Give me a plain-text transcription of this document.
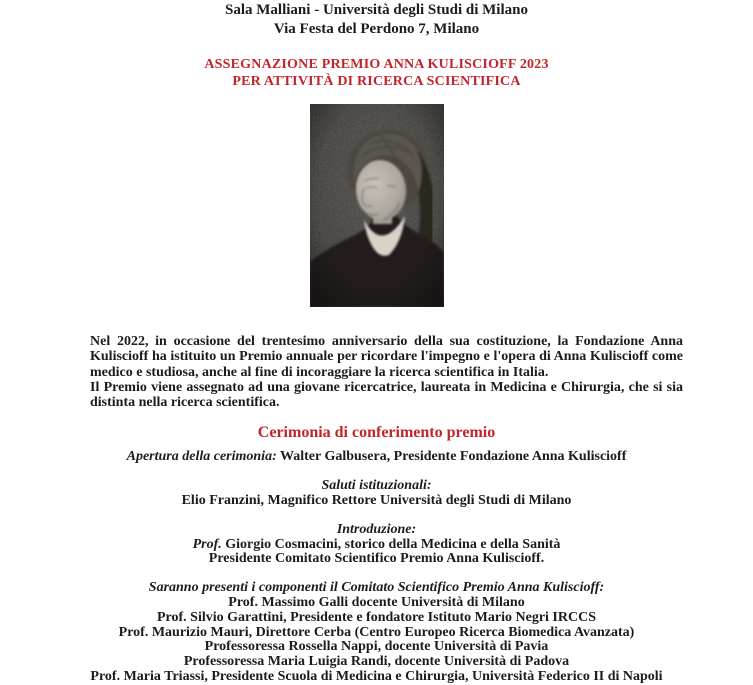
Sala Malliani - Università degli Studi di Milano
Via Festa del Perdono 7, Milano
ASSEGNAZIONE PREMIO ANNA KULISCIOFF 2023
PER ATTIVITÀ DI RICERCA SCIENTIFICA
Nel 2022, in occasione del trentesimo anniversario della sua costituzione, la Fondazione Anna Kuliscioff ha istituito un Premio annuale per ricordare l'impegno e l'opera di Anna Kuliscioff come medico e studiosa, anche al fine di incoraggiare la ricerca scientifica in Italia.
Il Premio viene assegnato ad una giovane ricercatrice, laureata in Medicina e Chirurgia, che si sia distinta nella ricerca scientifica.
Cerimonia di conferimento premio
Apertura della cerimonia: Walter Galbusera, Presidente Fondazione Anna Kuliscioff
Saluti istituzionali:
Elio Franzini, Magnifico Rettore Università degli Studi di Milano
Introduzione:
Prof. Giorgio Cosmacini, storico della Medicina e della Sanità
Presidente Comitato Scientifico Premio Anna Kuliscioff.
Saranno presenti i componenti il Comitato Scientifico Premio Anna Kuliscioff:
Prof. Massimo Galli docente Università di Milano
Prof. Silvio Garattini, Presidente e fondatore Istituto Mario Negri IRCCS
Prof. Maurizio Mauri, Direttore Cerba (Centro Europeo Ricerca Biomedica Avanzata)
Professoressa Rossella Nappi, docente Università di Pavia
Professoressa Maria Luigia Randi, docente Università di Padova
Prof. Maria Triassi, Presidente Scuola di Medicina e Chirurgia, Università Federico II di Napoli
